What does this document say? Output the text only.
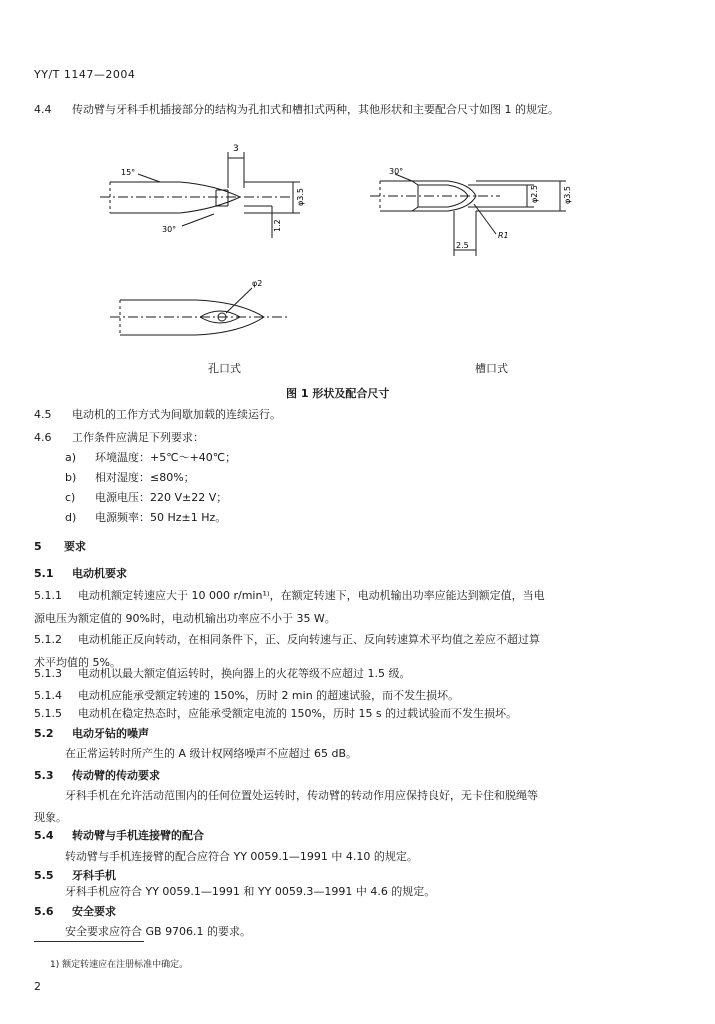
YY/T 1147—2004
4.4 传动臂与牙科手机插接部分的结构为孔扣式和槽扣式两种，其他形状和主要配合尺寸如图 1 的规定。
3
15°
30°
φ3.5
1.2
φ2
30°
φ2.5	φ3.5
2.5
R1
孔口式	槽口式
图 1 形状及配合尺寸
4.5 电动机的工作方式为间歇加载的连续运行。
4.6 工作条件应满足下列要求：
a) 环境温度：+5℃～+40℃；
b) 相对湿度：≤80%；
c) 电源电压：220 V±22 V；
d) 电源频率：50 Hz±1 Hz。
5 要求
5.1 电动机要求
5.1.1 电动机额定转速应大于 10 000 r/min¹⁾，在额定转速下，电动机输出功率应能达到额定值，当电
源电压为额定值的 90%时，电动机输出功率应不小于 35 W。
5.1.2 电动机能正反向转动，在相同条件下，正、反向转速与正、反向转速算术平均值之差应不超过算
术平均值的 5%。
5.1.3 电动机以最大额定值运转时，换向器上的火花等级不应超过 1.5 级。
5.1.4 电动机应能承受额定转速的 150%，历时 2 min 的超速试验，而不发生损坏。
5.1.5 电动机在稳定热态时，应能承受额定电流的 150%，历时 15 s 的过载试验而不发生损坏。
5.2 电动牙钻的噪声
在正常运转时所产生的 A 级计权网络噪声不应超过 65 dB。
5.3 传动臂的传动要求
牙科手机在允许活动范围内的任何位置处运转时，传动臂的转动作用应保持良好，无卡住和脱绳等
现象。
5.4 转动臂与手机连接臂的配合
转动臂与手机连接臂的配合应符合 YY 0059.1—1991 中 4.10 的规定。
5.5 牙科手机
牙科手机应符合 YY 0059.1—1991 和 YY 0059.3—1991 中 4.6 的规定。
5.6 安全要求
安全要求应符合 GB 9706.1 的要求。
1) 额定转速应在注册标准中确定。
2
